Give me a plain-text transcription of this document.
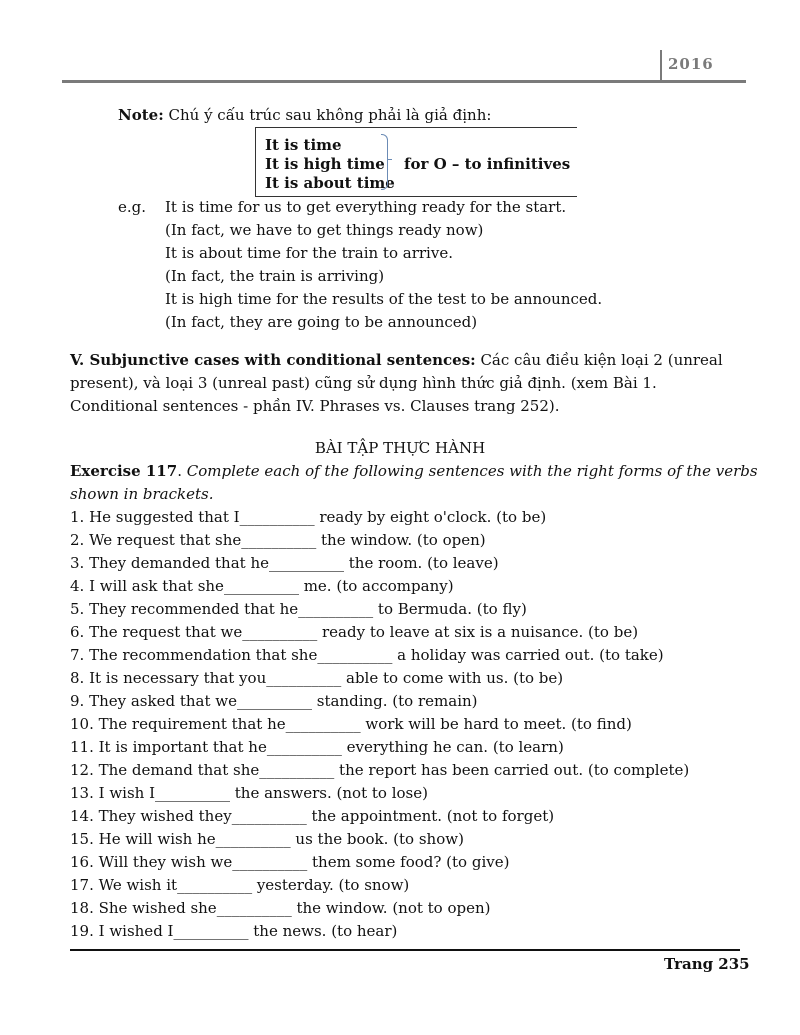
2016
Note: Chú ý cấu trúc sau không phải là giả định:
It is time
It is high time
It is about time
for O – to infinitives
e.g. It is time for us to get everything ready for the start.
(In fact, we have to get things ready now)
It is about time for the train to arrive.
(In fact, the train is arriving)
It is high time for the results of the test to be announced.
(In fact, they are going to be announced)
V. Subjunctive cases with conditional sentences: Các câu điều kiện loại 2 (unreal
present), và loại 3 (unreal past) cũng sử dụng hình thức giả định. (xem Bài 1.
Conditional sentences - phần IV. Phrases vs. Clauses trang 252).
BÀI TẬP THỰC HÀNH
Exercise 117. Complete each of the following sentences with the right forms of the verbs
shown in brackets.
1. He suggested that I__________ ready by eight o'clock. (to be)
2. We request that she__________ the window. (to open)
3. They demanded that he__________ the room. (to leave)
4. I will ask that she__________ me. (to accompany)
5. They recommended that he__________ to Bermuda. (to fly)
6. The request that we__________ ready to leave at six is a nuisance. (to be)
7. The recommendation that she__________ a holiday was carried out. (to take)
8. It is necessary that you__________ able to come with us. (to be)
9. They asked that we__________ standing. (to remain)
10. The requirement that he__________ work will be hard to meet. (to find)
11. It is important that he__________ everything he can. (to learn)
12. The demand that she__________ the report has been carried out. (to complete)
13. I wish I__________ the answers. (not to lose)
14. They wished they__________ the appointment. (not to forget)
15. He will wish he__________ us the book. (to show)
16. Will they wish we__________ them some food? (to give)
17. We wish it__________ yesterday. (to snow)
18. She wished she__________ the window. (not to open)
19. I wished I__________ the news. (to hear)
Trang 235
